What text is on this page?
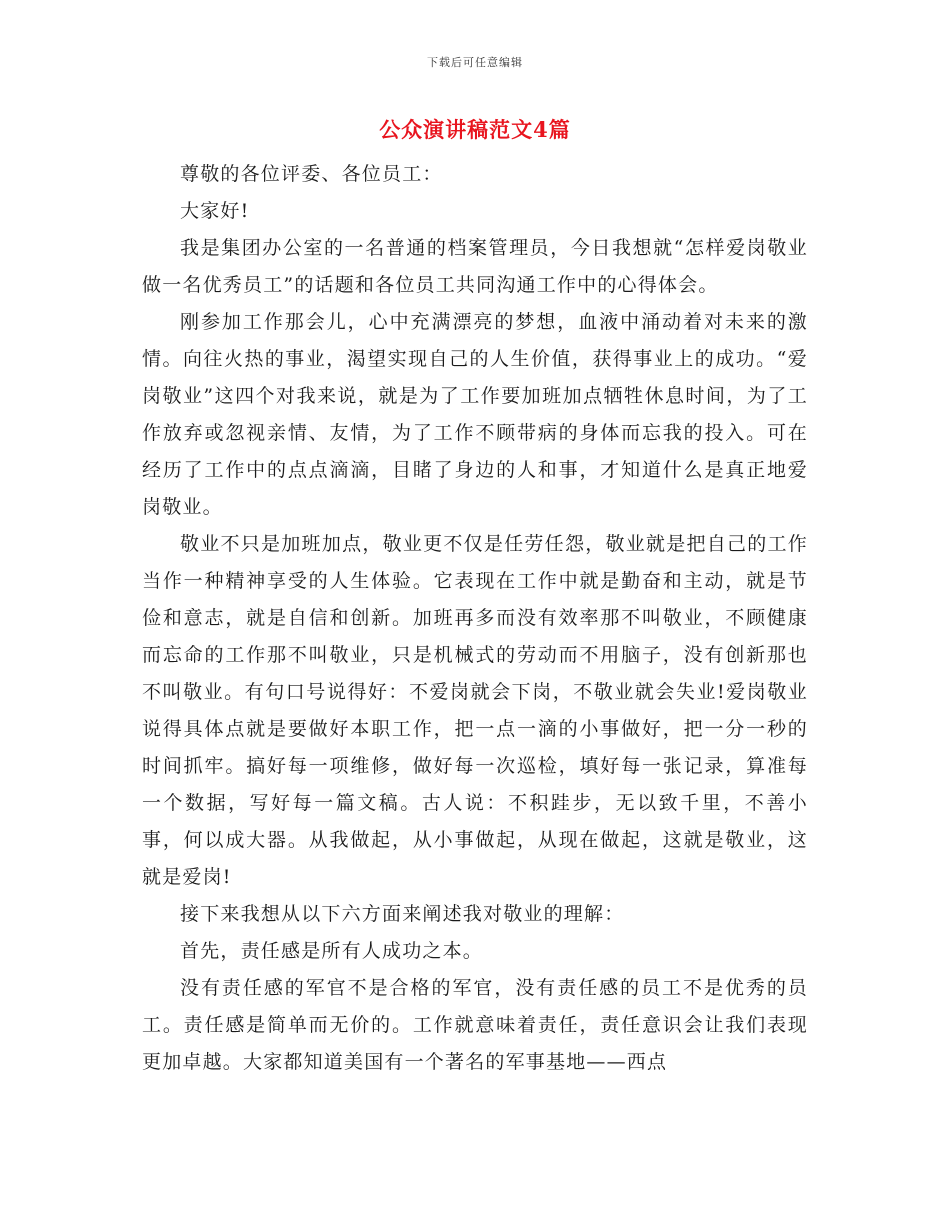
下载后可任意编辑
公众演讲稿范文4篇

尊敬的各位评委、各位员工：

大家好!

我是集团办公室的一名普通的档案管理员，今日我想就“怎样爱岗敬业做一名优秀员工”的话题和各位员工共同沟通工作中的心得体会。

刚参加工作那会儿，心中充满漂亮的梦想，血液中涌动着对未来的激情。向往火热的事业，渴望实现自己的人生价值，获得事业上的成功。“爱岗敬业”这四个对我来说，就是为了工作要加班加点牺牲休息时间，为了工作放弃或忽视亲情、友情，为了工作不顾带病的身体而忘我的投入。可在经历了工作中的点点滴滴，目睹了身边的人和事，才知道什么是真正地爱岗敬业。

敬业不只是加班加点，敬业更不仅是任劳任怨，敬业就是把自己的工作当作一种精神享受的人生体验。它表现在工作中就是勤奋和主动，就是节俭和意志，就是自信和创新。加班再多而没有效率那不叫敬业，不顾健康而忘命的工作那不叫敬业，只是机械式的劳动而不用脑子，没有创新那也不叫敬业。有句口号说得好：不爱岗就会下岗，不敬业就会失业!爱岗敬业说得具体点就是要做好本职工作，把一点一滴的小事做好，把一分一秒的时间抓牢。搞好每一项维修，做好每一次巡检，填好每一张记录，算准每一个数据，写好每一篇文稿。古人说：不积跬步，无以致千里，不善小事，何以成大器。从我做起，从小事做起，从现在做起，这就是敬业，这就是爱岗!

接下来我想从以下六方面来阐述我对敬业的理解：

首先，责任感是所有人成功之本。

没有责任感的军官不是合格的军官，没有责任感的员工不是优秀的员工。责任感是简单而无价的。工作就意味着责任，责任意识会让我们表现更加卓越。大家都知道美国有一个著名的军事基地——西点
